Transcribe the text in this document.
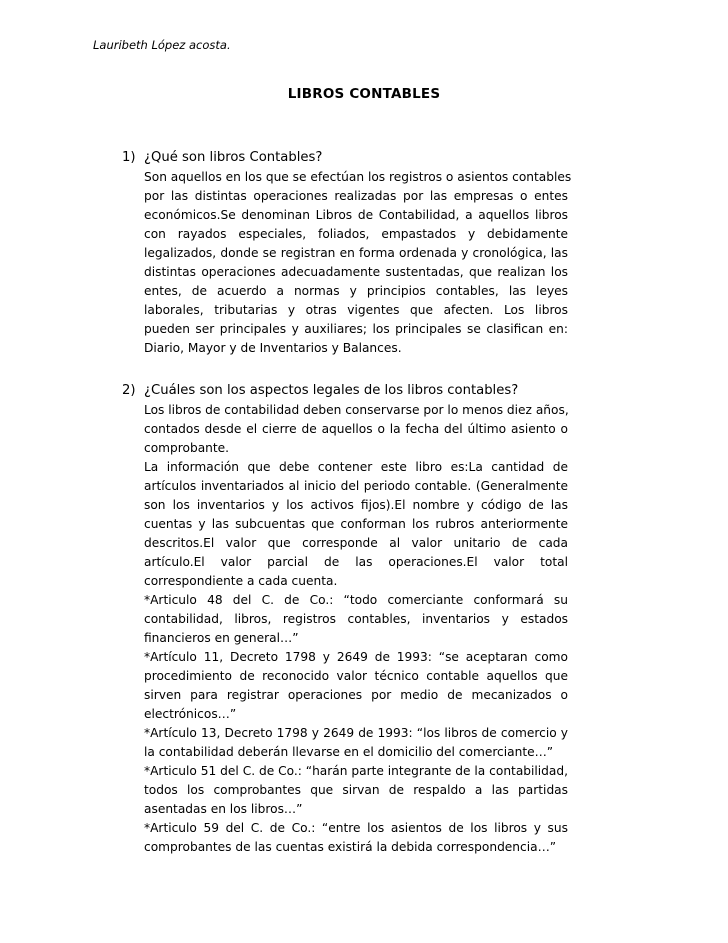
Lauribeth López acosta.
LIBROS CONTABLES
1) ¿Qué son libros Contables?

Son aquellos en los que se efectúan los registros o asientos contables
por las distintas operaciones realizadas por las empresas o entes
económicos.Se denominan Libros de Contabilidad, a aquellos libros
con rayados especiales, foliados, empastados y debidamente
legalizados, donde se registran en forma ordenada y cronológica, las
distintas operaciones adecuadamente sustentadas, que realizan los
entes, de acuerdo a normas y principios contables, las leyes
laborales, tributarias y otras vigentes que afecten. Los libros
pueden ser principales y auxiliares; los principales se clasifican en:
Diario, Mayor y de Inventarios y Balances.

2) ¿Cuáles son los aspectos legales de los libros contables?

Los libros de contabilidad deben conservarse por lo menos diez años,
contados desde el cierre de aquellos o la fecha del último asiento o
comprobante.

La información que debe contener este libro es:La cantidad de
artículos inventariados al inicio del periodo contable. (Generalmente
son los inventarios y los activos fijos).El nombre y código de las
cuentas y las subcuentas que conforman los rubros anteriormente
descritos.El valor que corresponde al valor unitario de cada
artículo.El valor parcial de las operaciones.El valor total
correspondiente a cada cuenta.

*Articulo 48 del C. de Co.: “todo comerciante conformará su
contabilidad, libros, registros contables, inventarios y estados
financieros en general…”

*Artículo 11, Decreto 1798 y 2649 de 1993: “se aceptaran como
procedimiento de reconocido valor técnico contable aquellos que
sirven para registrar operaciones por medio de mecanizados o
electrónicos…”

*Artículo 13, Decreto 1798 y 2649 de 1993: “los libros de comercio y
la contabilidad deberán llevarse en el domicilio del comerciante…”

*Articulo 51 del C. de Co.: “harán parte integrante de la contabilidad,
todos los comprobantes que sirvan de respaldo a las partidas
asentadas en los libros…”

*Articulo 59 del C. de Co.: “entre los asientos de los libros y sus
comprobantes de las cuentas existirá la debida correspondencia…”
